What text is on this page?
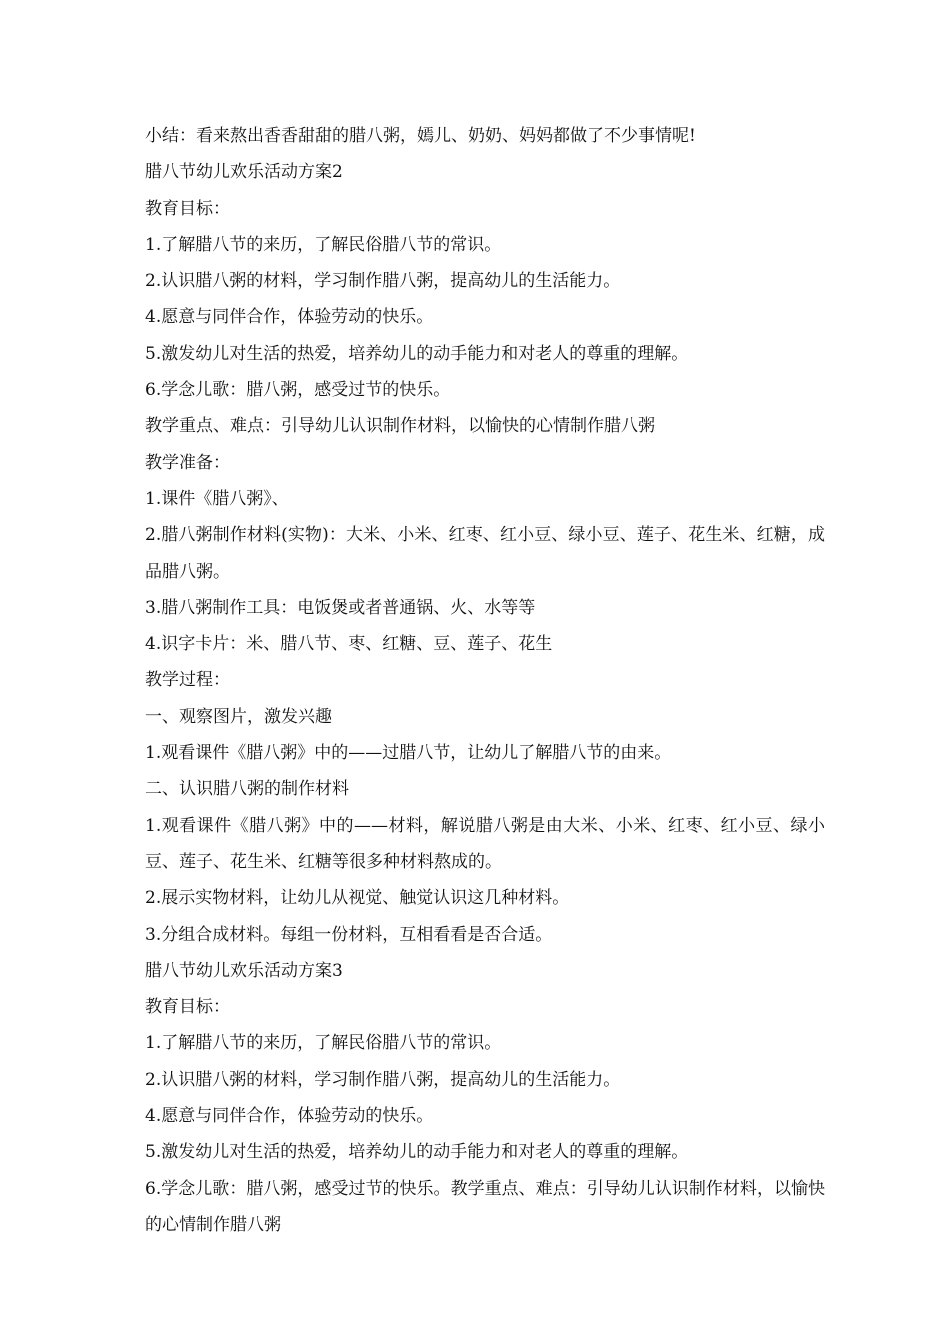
小结：看来熬出香香甜甜的腊八粥，嫣儿、奶奶、妈妈都做了不少事情呢!

腊八节幼儿欢乐活动方案2

教育目标：

1.了解腊八节的来历，了解民俗腊八节的常识。

2.认识腊八粥的材料，学习制作腊八粥，提高幼儿的生活能力。

4.愿意与同伴合作，体验劳动的快乐。

5.激发幼儿对生活的热爱，培养幼儿的动手能力和对老人的尊重的理解。

6.学念儿歌：腊八粥，感受过节的快乐。

教学重点、难点：引导幼儿认识制作材料，以愉快的心情制作腊八粥

教学准备：

1.课件《腊八粥》、

2.腊八粥制作材料(实物)：大米、小米、红枣、红小豆、绿小豆、莲子、花生米、红糖，成品腊八粥。

3.腊八粥制作工具：电饭煲或者普通锅、火、水等等

4.识字卡片：米、腊八节、枣、红糖、豆、莲子、花生

教学过程：

一、观察图片，激发兴趣

1.观看课件《腊八粥》中的——过腊八节，让幼儿了解腊八节的由来。

二、认识腊八粥的制作材料

1.观看课件《腊八粥》中的——材料，解说腊八粥是由大米、小米、红枣、红小豆、绿小豆、莲子、花生米、红糖等很多种材料熬成的。

2.展示实物材料，让幼儿从视觉、触觉认识这几种材料。

3.分组合成材料。每组一份材料，互相看看是否合适。

腊八节幼儿欢乐活动方案3

教育目标：

1.了解腊八节的来历，了解民俗腊八节的常识。

2.认识腊八粥的材料，学习制作腊八粥，提高幼儿的生活能力。

4.愿意与同伴合作，体验劳动的快乐。

5.激发幼儿对生活的热爱，培养幼儿的动手能力和对老人的尊重的理解。

6.学念儿歌：腊八粥，感受过节的快乐。教学重点、难点：引导幼儿认识制作材料，以愉快的心情制作腊八粥
